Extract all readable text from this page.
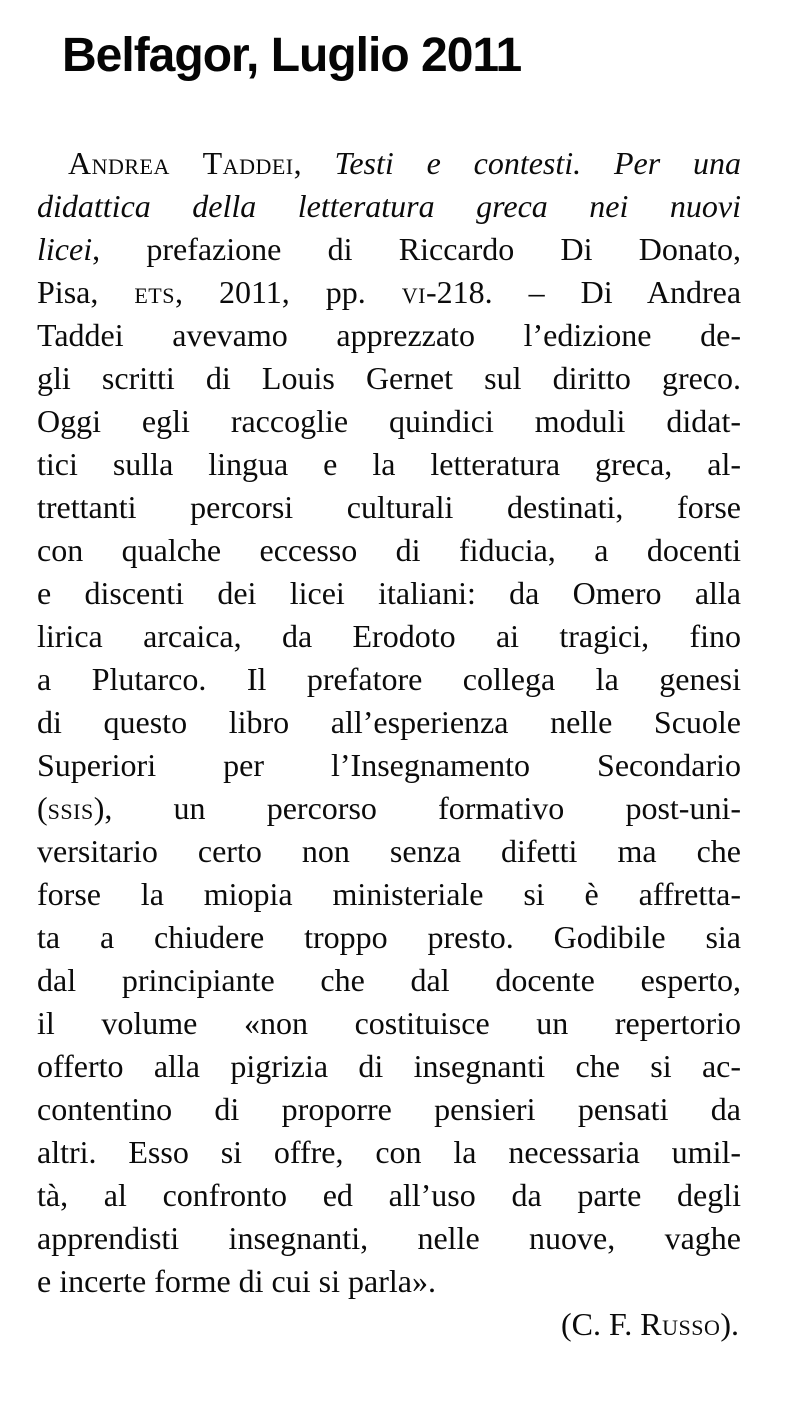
Belfagor, Luglio 2011
Andrea Taddei, Testi e contesti. Per una
didattica della letteratura greca nei nuovi
licei, prefazione di Riccardo Di Donato,
Pisa, ets, 2011, pp. vi-218. – Di Andrea
Taddei avevamo apprezzato l’edizione de-
gli scritti di Louis Gernet sul diritto greco.
Oggi egli raccoglie quindici moduli didat-
tici sulla lingua e la letteratura greca, al-
trettanti percorsi culturali destinati, forse
con qualche eccesso di fiducia, a docenti
e discenti dei licei italiani: da Omero alla
lirica arcaica, da Erodoto ai tragici, fino
a Plutarco. Il prefatore collega la genesi
di questo libro all’esperienza nelle Scuole
Superiori per l’Insegnamento Secondario
(ssis), un percorso formativo post-uni-
versitario certo non senza difetti ma che
forse la miopia ministeriale si è affretta-
ta a chiudere troppo presto. Godibile sia
dal principiante che dal docente esperto,
il volume «non costituisce un repertorio
offerto alla pigrizia di insegnanti che si ac-
contentino di proporre pensieri pensati da
altri. Esso si offre, con la necessaria umil-
tà, al confronto ed all’uso da parte degli
apprendisti insegnanti, nelle nuove, vaghe
e incerte forme di cui si parla».
(C. F. Russo).
